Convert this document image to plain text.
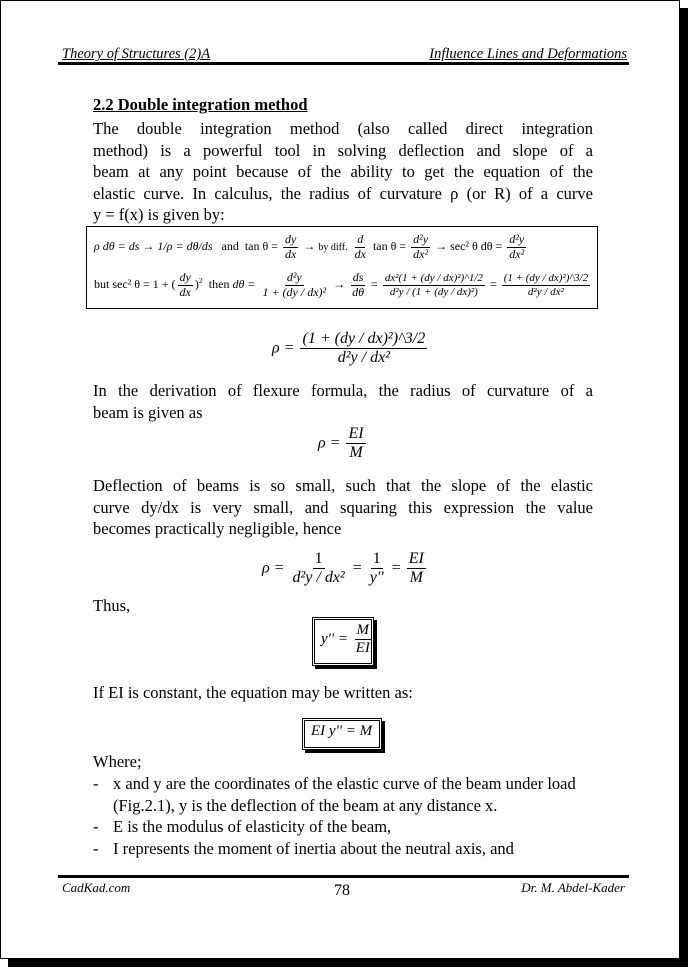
Theory of Structures (2)A	Influence Lines and Deformations
2.2 Double integration method
The double integration method (also called direct integration
method) is a powerful tool in solving deflection and slope of a
beam at any point because of the ability to get the equation of the
elastic curve. In calculus, the radius of curvature ρ (or R) of a curve
y = f(x) is given by:
ρ dθ = ds → 1/ρ = dθ/ds and $\tan \theta = \frac{dy}{dx}$ → by diff. $\frac{d}{dx}$ $\tan \theta = \frac{\text{d²y}}{\text{dx²}} \to \sec^2$ θ $d\theta = \frac{\text{d²y}}{\text{dx²}}$
but sec² θ = 1 + ( $\frac{dy}{dx} )^2$ then $d\theta = \frac{\text{d²y}}{\text{1 + (dy / dx)²}} \to \frac{ds}{d\theta} = \frac{\text{dx²(1 + (dy / dx)²)\textasciicircum{}1/2}}{\text{d²y / (1 + (dy / dx)²)}} = \frac{\text{(1 + (dy / dx)²)\textasciicircum{}3/2}}{\text{d²y / dx²}}$
$\rho = \frac{\text{(1 + (dy / dx)²)\textasciicircum{}3/2}}{\text{d²y / dx²}}$
In the derivation of flexure formula, the radius of curvature of a
beam is given as
$\rho = \frac{EI}{M}$
Deflection of beams is so small, such that the slope of the elastic
curve dy/dx is very small, and squaring this expression the value
becomes practically negligible, hence
$\rho = \frac{1}{\text{d²y / dx²}} = \frac{1}{y''} = \frac{EI}{M}$
Thus,
$y'' = \frac{M}{EI}$
If EI is constant, the equation may be written as:
EI y'' = M
Where;
- x and y are the coordinates of the elastic curve of the beam under load (Fig.2.1), y is the deflection of the beam at any distance x.
- E is the modulus of elasticity of the beam,
- I represents the moment of inertia about the neutral axis, and
CadKad.com	78	Dr. M. Abdel-Kader
